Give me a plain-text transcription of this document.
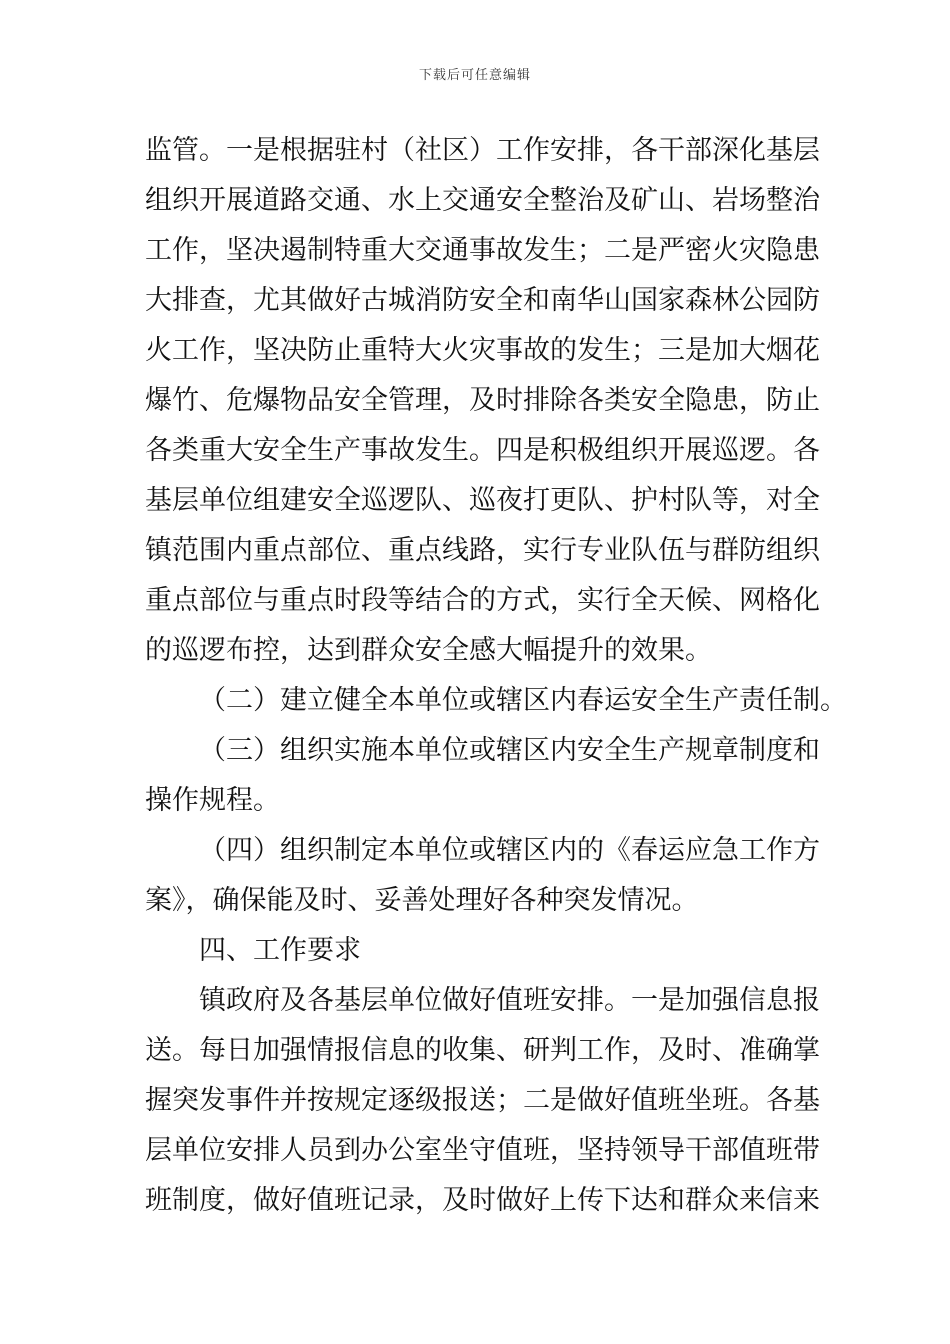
下载后可任意编辑
监管。一是根据驻村（社区）工作安排，各干部深化基层
组织开展道路交通、水上交通安全整治及矿山、岩场整治
工作，坚决遏制特重大交通事故发生；二是严密火灾隐患
大排查，尤其做好古城消防安全和南华山国家森林公园防
火工作，坚决防止重特大火灾事故的发生；三是加大烟花
爆竹、危爆物品安全管理，及时排除各类安全隐患，防止
各类重大安全生产事故发生。四是积极组织开展巡逻。各
基层单位组建安全巡逻队、巡夜打更队、护村队等，对全
镇范围内重点部位、重点线路，实行专业队伍与群防组织
重点部位与重点时段等结合的方式，实行全天候、网格化
的巡逻布控，达到群众安全感大幅提升的效果。
（二）建立健全本单位或辖区内春运安全生产责任制。
（三）组织实施本单位或辖区内安全生产规章制度和
操作规程。
（四）组织制定本单位或辖区内的《春运应急工作方
案》，确保能及时、妥善处理好各种突发情况。
四、工作要求
镇政府及各基层单位做好值班安排。一是加强信息报
送。每日加强情报信息的收集、研判工作，及时、准确掌
握突发事件并按规定逐级报送；二是做好值班坐班。各基
层单位安排人员到办公室坐守值班，坚持领导干部值班带
班制度，做好值班记录，及时做好上传下达和群众来信来
